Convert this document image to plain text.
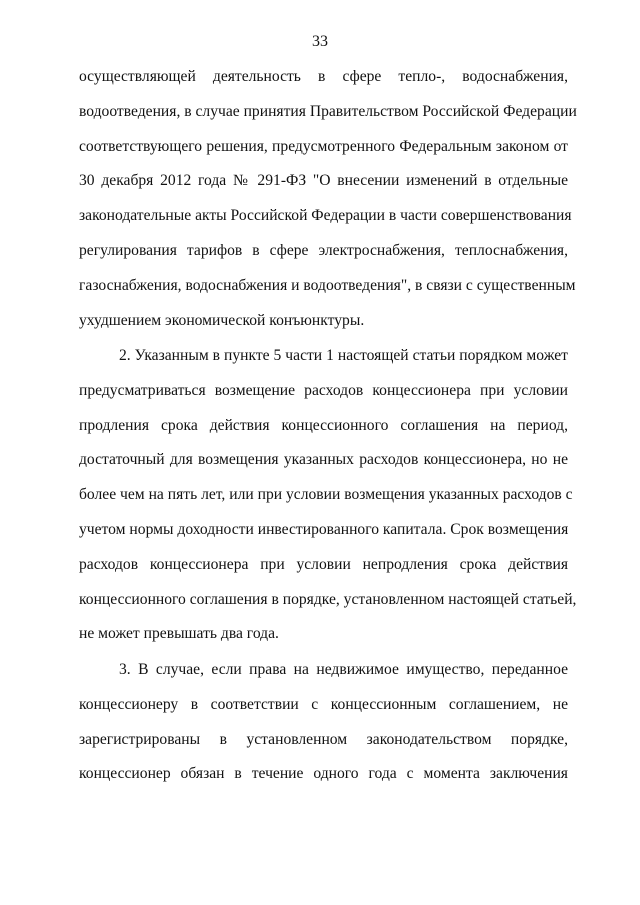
33
осуществляющей деятельность в сфере тепло-, водоснабжения,
водоотведения, в случае принятия Правительством Российской Федерации
соответствующего решения, предусмотренного Федеральным законом от
30 декабря 2012 года № 291-ФЗ "О внесении изменений в отдельные
законодательные акты Российской Федерации в части совершенствования
регулирования тарифов в сфере электроснабжения, теплоснабжения,
газоснабжения, водоснабжения и водоотведения", в связи с существенным
ухудшением экономической конъюнктуры.
2. Указанным в пункте 5 части 1 настоящей статьи порядком может
предусматриваться возмещение расходов концессионера при условии
продления срока действия концессионного соглашения на период,
достаточный для возмещения указанных расходов концессионера, но не
более чем на пять лет, или при условии возмещения указанных расходов с
учетом нормы доходности инвестированного капитала. Срок возмещения
расходов концессионера при условии непродления срока действия
концессионного соглашения в порядке, установленном настоящей статьей,
не может превышать два года.
3. В случае, если права на недвижимое имущество, переданное
концессионеру в соответствии с концессионным соглашением, не
зарегистрированы в установленном законодательством порядке,
концессионер обязан в течение одного года с момента заключения
